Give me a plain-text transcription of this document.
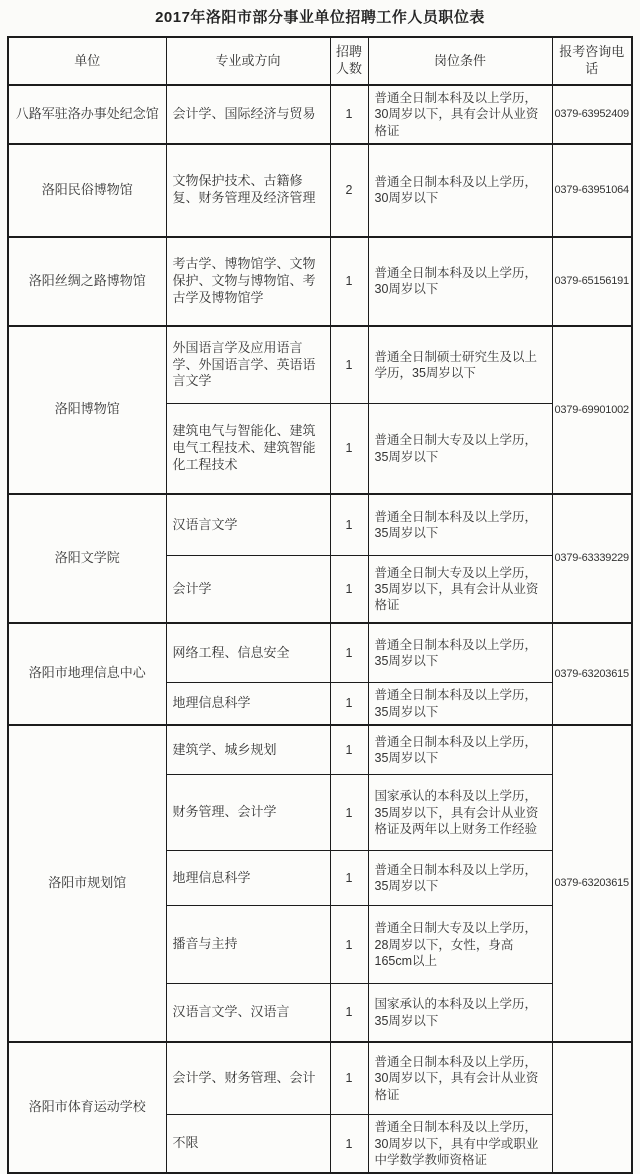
2017年洛阳市部分事业单位招聘工作人员职位表
单位	专业或方向	招聘人数	岗位条件	报考咨询电话
八路军驻洛办事处纪念馆	会计学、国际经济与贸易	1	普通全日制本科及以上学历，30周岁以下，具有会计从业资格证	0379-63952409
洛阳民俗博物馆	文物保护技术、古籍修复、财务管理及经济管理	2	普通全日制本科及以上学历，30周岁以下	0379-63951064
洛阳丝绸之路博物馆	考古学、博物馆学、文物保护、文物与博物馆、考古学及博物馆学	1	普通全日制本科及以上学历，30周岁以下	0379-65156191
洛阳博物馆	外国语言学及应用语言学、外国语言学、英语语言文学	1	普通全日制硕士研究生及以上学历，35周岁以下	0379-69901002
	建筑电气与智能化、建筑电气工程技术、建筑智能化工程技术	1	普通全日制大专及以上学历，35周岁以下	
洛阳文学院	汉语言文学	1	普通全日制本科及以上学历，35周岁以下	0379-63339229
	会计学	1	普通全日制大专及以上学历，35周岁以下，具有会计从业资格证	
洛阳市地理信息中心	网络工程、信息安全	1	普通全日制本科及以上学历，35周岁以下	0379-63203615
	地理信息科学	1	普通全日制本科及以上学历，35周岁以下	
洛阳市规划馆	建筑学、城乡规划	1	普通全日制本科及以上学历，35周岁以下	0379-63203615
	财务管理、会计学	1	国家承认的本科及以上学历，35周岁以下，具有会计从业资格证及两年以上财务工作经验	
	地理信息科学	1	普通全日制本科及以上学历，35周岁以下	
	播音与主持	1	普通全日制大专及以上学历，28周岁以下，女性，身高165cm以上	
	汉语言文学、汉语言	1	国家承认的本科及以上学历，35周岁以下	
洛阳市体育运动学校	会计学、财务管理、会计	1	普通全日制本科及以上学历，30周岁以下，具有会计从业资格证	
	不限	1	普通全日制本科及以上学历，30周岁以下，具有中学或职业中学数学教师资格证	
